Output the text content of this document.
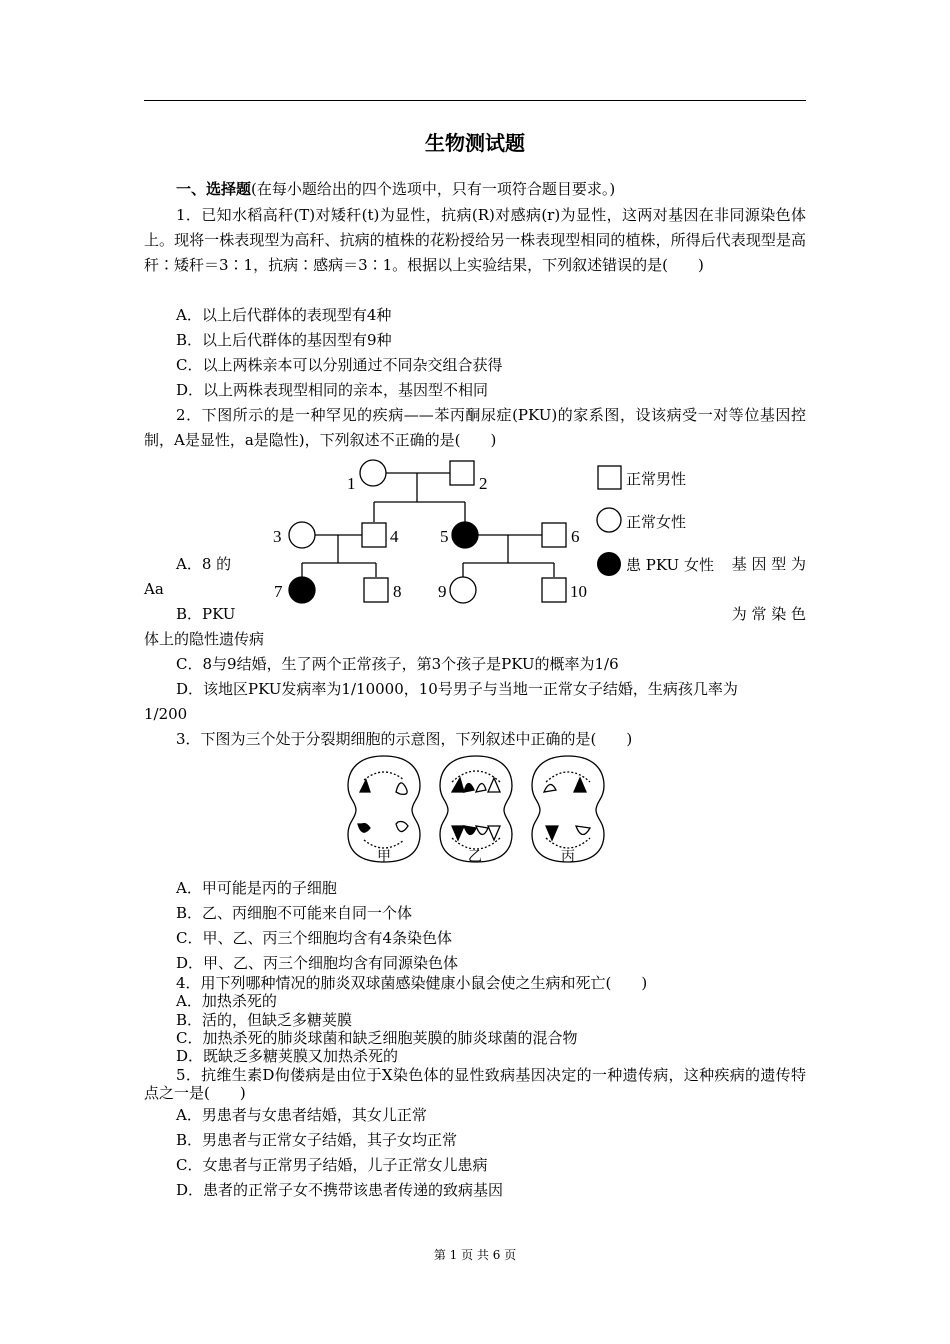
生物测试题
一、选择题(在每小题给出的四个选项中，只有一项符合题目要求。)
1．已知水稻高秆(T)对矮秆(t)为显性，抗病(R)对感病(r)为显性，这两对基因在非同源染色体上。现将一株表现型为高秆、抗病的植株的花粉授给另一株表现型相同的植株，所得后代表现型是高秆∶矮秆＝3∶1，抗病∶感病＝3∶1。根据以上实验结果，下列叙述错误的是(　　)
A．以上后代群体的表现型有4种
B．以上后代群体的基因型有9种
C．以上两株亲本可以分别通过不同杂交组合获得
D．以上两株表现型相同的亲本，基因型不相同
2．下图所示的是一种罕见的疾病——苯丙酮尿症(PKU)的家系图，设该病受一对等位基因控制，A是显性，a是隐性)，下列叙述不正确的是(　　)
1	2
3	4 5	6
7	8 9	10
正常男性
正常女性
患 PKU 女性
A．8 的	基 因 型 为
Aa
B．PKU	为 常 染 色
体上的隐性遗传病
C．8与9结婚，生了两个正常孩子，第3个孩子是PKU的概率为1/6
D．该地区PKU发病率为1/10000，10号男子与当地一正常女子结婚，生病孩几率为
1/200
3．下图为三个处于分裂期细胞的示意图，下列叙述中正确的是(　　)
甲	乙	丙
A．甲可能是丙的子细胞
B．乙、丙细胞不可能来自同一个体
C．甲、乙、丙三个细胞均含有4条染色体
D．甲、乙、丙三个细胞均含有同源染色体
4．用下列哪种情况的肺炎双球菌感染健康小鼠会使之生病和死亡(　　)
A．加热杀死的
B．活的，但缺乏多糖荚膜
C．加热杀死的肺炎球菌和缺乏细胞荚膜的肺炎球菌的混合物
D．既缺乏多糖荚膜又加热杀死的
5．抗维生素D佝偻病是由位于X染色体的显性致病基因决定的一种遗传病，这种疾病的遗传特点之一是(　　)
A．男患者与女患者结婚，其女儿正常
B．男患者与正常女子结婚，其子女均正常
C．女患者与正常男子结婚，儿子正常女儿患病
D．患者的正常子女不携带该患者传递的致病基因
第 1 页 共 6 页
